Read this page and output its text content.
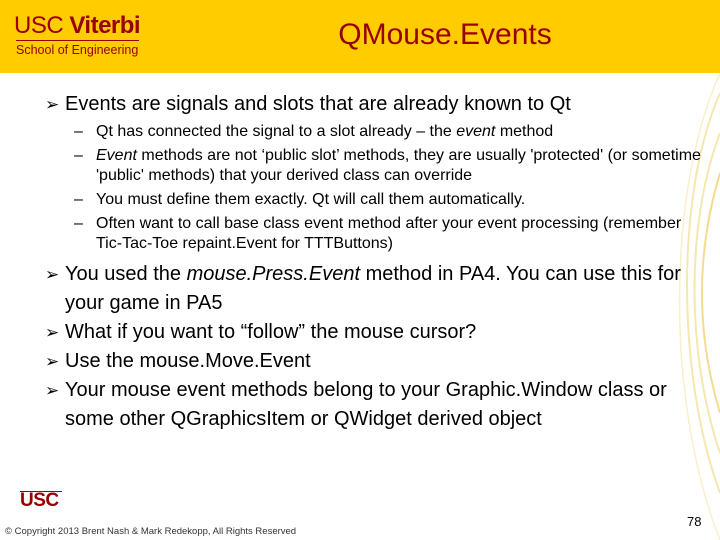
USC Viterbi
School of Engineering	QMouse.Events
➢ Events are signals and slots that are already known to Qt
– Qt has connected the signal to a slot already – the event method
– Event methods are not ‘public slot’ methods, they are usually 'protected' (or sometime 'public' methods) that your derived class can override
– You must define them exactly. Qt will call them automatically.
– Often want to call base class event method after your event processing (remember Tic-Tac-Toe repaint.Event for TTTButtons)
➢ You used the mouse.Press.Event method in PA4. You can use this for your game in PA5
➢ What if you want to “follow” the mouse cursor?
➢ Use the mouse.Move.Event
➢ Your mouse event methods belong to your Graphic.Window class or some other QGraphicsItem or QWidget derived object
USC
© Copyright 2013 Brent Nash & Mark Redekopp, All Rights Reserved
78
